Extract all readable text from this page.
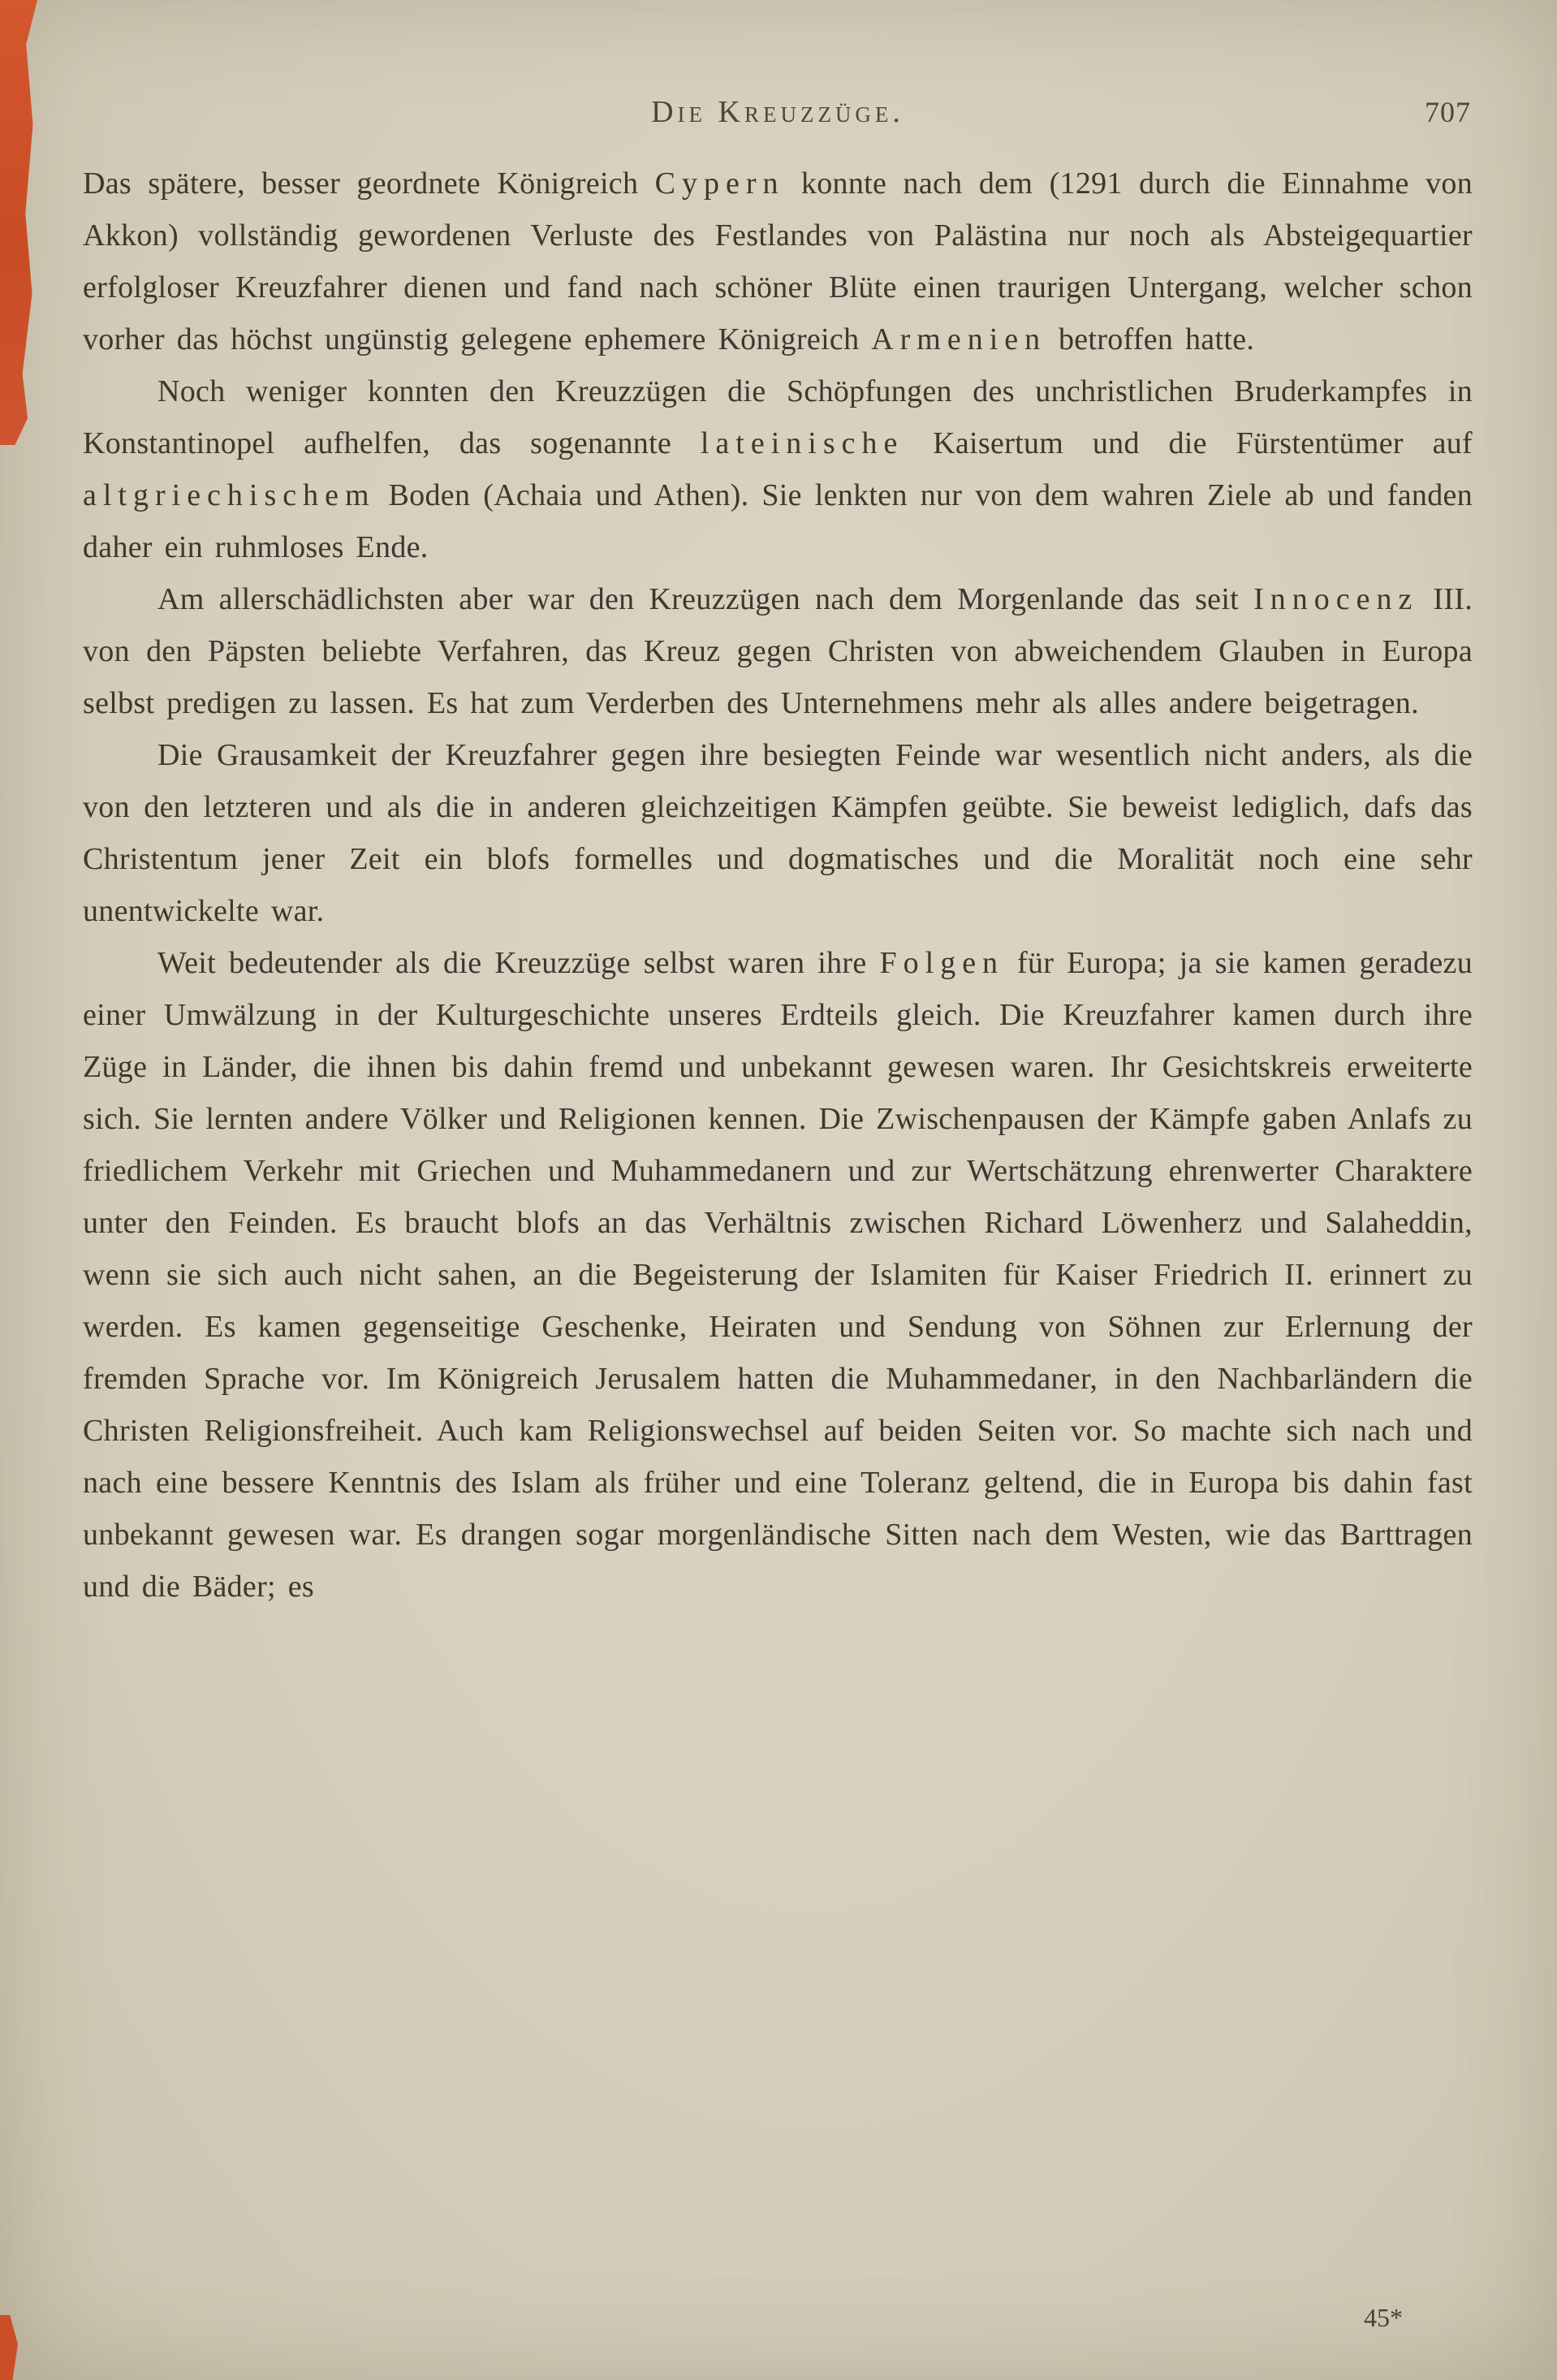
Die Kreuzzüge.	707

Das spätere, besser geordnete Königreich Cypern konnte nach dem (1291 durch die Einnahme von Akkon) vollständig gewordenen Verluste des Festlandes von Palästina nur noch als Absteigequartier erfolgloser Kreuzfahrer dienen und fand nach schöner Blüte einen traurigen Untergang, welcher schon vorher das höchst ungünstig gelegene ephemere Königreich Armenien betroffen hatte.

Noch weniger konnten den Kreuzzügen die Schöpfungen des unchristlichen Bruderkampfes in Konstantinopel aufhelfen, das sogenannte lateinische Kaisertum und die Fürstentümer auf altgriechischem Boden (Achaia und Athen). Sie lenkten nur von dem wahren Ziele ab und fanden daher ein ruhmloses Ende.

Am allerschädlichsten aber war den Kreuzzügen nach dem Morgenlande das seit Innocenz III. von den Päpsten beliebte Verfahren, das Kreuz gegen Christen von abweichendem Glauben in Europa selbst predigen zu lassen. Es hat zum Verderben des Unternehmens mehr als alles andere beigetragen.

Die Grausamkeit der Kreuzfahrer gegen ihre besiegten Feinde war wesentlich nicht anders, als die von den letzteren und als die in anderen gleichzeitigen Kämpfen geübte. Sie beweist lediglich, dafs das Christentum jener Zeit ein blofs formelles und dogmatisches und die Moralität noch eine sehr unentwickelte war.

Weit bedeutender als die Kreuzzüge selbst waren ihre Folgen für Europa; ja sie kamen geradezu einer Umwälzung in der Kulturgeschichte unseres Erdteils gleich. Die Kreuzfahrer kamen durch ihre Züge in Länder, die ihnen bis dahin fremd und unbekannt gewesen waren. Ihr Gesichtskreis erweiterte sich. Sie lernten andere Völker und Religionen kennen. Die Zwischenpausen der Kämpfe gaben Anlafs zu friedlichem Verkehr mit Griechen und Muhammedanern und zur Wertschätzung ehrenwerter Charaktere unter den Feinden. Es braucht blofs an das Verhältnis zwischen Richard Löwenherz und Salaheddin, wenn sie sich auch nicht sahen, an die Begeisterung der Islamiten für Kaiser Friedrich II. erinnert zu werden. Es kamen gegenseitige Geschenke, Heiraten und Sendung von Söhnen zur Erlernung der fremden Sprache vor. Im Königreich Jerusalem hatten die Muhammedaner, in den Nachbarländern die Christen Religionsfreiheit. Auch kam Religionswechsel auf beiden Seiten vor. So machte sich nach und nach eine bessere Kenntnis des Islam als früher und eine Toleranz geltend, die in Europa bis dahin fast unbekannt gewesen war. Es drangen sogar morgenländische Sitten nach dem Westen, wie das Barttragen und die Bäder; es

45*
